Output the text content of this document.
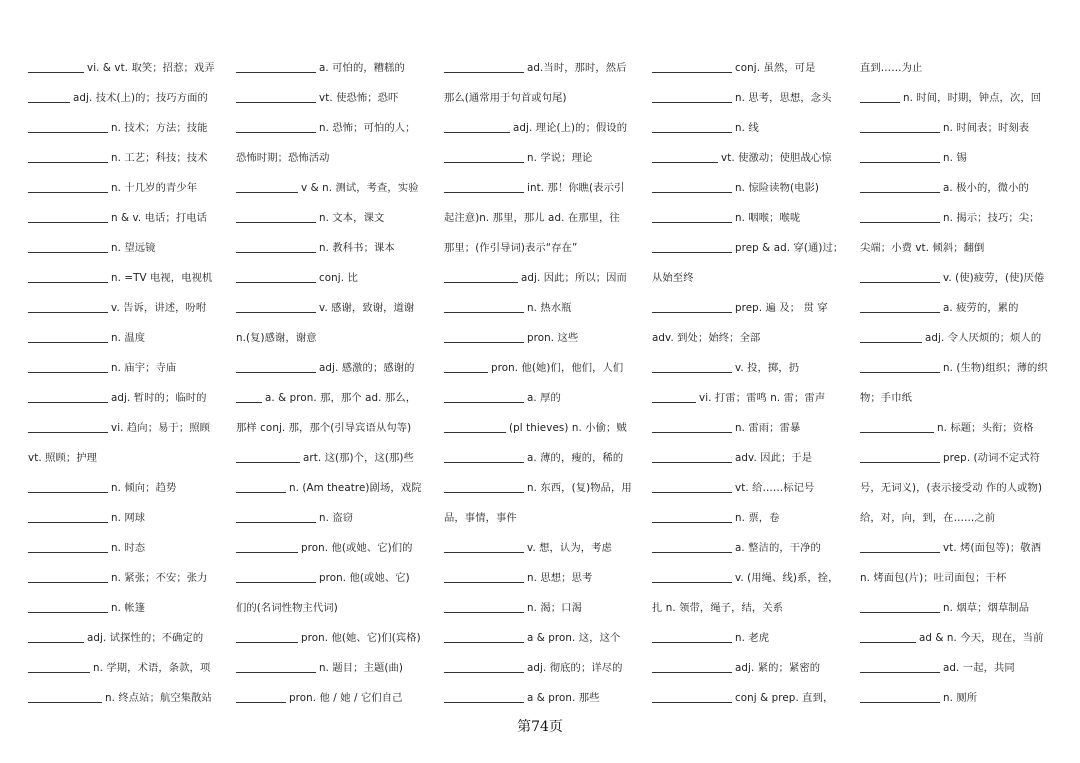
vi. & vt. 取笑；招惹；戏弄
adj. 技术(上)的；技巧方面的
n. 技术；方法；技能
n. 工艺；科技；技术
n. 十几岁的青少年
n & v. 电话；打电话
n. 望远镜
n. =TV 电视，电视机
v. 告诉，讲述，吩咐
n. 温度
n. 庙宇；寺庙
adj. 暂时的；临时的
vi. 趋向；易于；照顾
vt. 照顾；护理
n. 倾向；趋势
n. 网球
n. 时态
n. 紧张；不安；张力
n. 帐篷
adj. 试探性的；不确定的
n. 学期，术语，条款，项
n. 终点站；航空集散站
a. 可怕的，糟糕的
vt. 使恐怖；恐吓
n. 恐怖；可怕的人；
恐怖时期；恐怖活动
v & n. 测试，考查，实验
n. 文本，课文
n. 教科书；课本
conj. 比
v. 感谢，致谢，道谢
n.(复)感谢，谢意
adj. 感激的；感谢的
a. & pron. 那，那个 ad. 那么，
那样 conj. 那，那个(引导宾语从句等)
art. 这(那)个，这(那)些
n. (Am theatre)剧场，戏院
n. 盗窃
pron. 他(或她、它)们的
pron. 他(或她、它)
们的(名词性物主代词)
pron. 他(她、它)们(宾格)
n. 题目；主题(曲)
pron. 他 / 她 / 它们自己
ad.当时，那时，然后
那么(通常用于句首或句尾)
adj. 理论(上)的；假设的
n. 学说；理论
int. 那！你瞧(表示引
起注意)n. 那里，那儿 ad. 在那里，往
那里；(作引导词)表示“存在”
adj. 因此；所以；因而
n. 热水瓶
pron. 这些
pron. 他(她)们，他们，人们
a. 厚的
(pl thieves) n. 小偷；贼
a. 薄的，瘦的，稀的
n. 东西，(复)物品，用
品，事情，事件
v. 想，认为，考虑
n. 思想；思考
n. 渴；口渴
a & pron. 这，这个
adj. 彻底的；详尽的
a & pron. 那些
conj. 虽然，可是
n. 思考，思想，念头
n. 线
vt. 使激动；使胆战心惊
n. 惊险读物(电影)
n. 咽喉；喉咙
prep & ad. 穿(通)过；
从始至终
prep. 遍 及； 贯 穿
adv. 到处；始终；全部
v. 投，掷，扔
vi. 打雷；雷鸣 n. 雷；雷声
n. 雷雨；雷暴
adv. 因此；于是
vt. 给……标记号
n. 票，卷
a. 整洁的，干净的
v. (用绳、线)系，拴，
扎 n. 领带，绳子，结，关系
n. 老虎
adj. 紧的；紧密的
conj & prep. 直到，
直到……为止
n. 时间，时期，钟点，次，回
n. 时间表；时刻表
n. 锡
a. 极小的，微小的
n. 揭示；技巧；尖；
尖端；小费 vt. 倾斜；翻倒
v. (使)疲劳，(使)厌倦
a. 疲劳的，累的
adj. 令人厌烦的；烦人的
n. (生物)组织；薄的织
物；手巾纸
n. 标题；头衔；资格
prep. (动词不定式符
号，无词义)，(表示接受动 作的人或物)
给，对，向，到，在……之前
vt. 烤(面包等)；敬酒
n. 烤面包(片)；吐司面包；干杯
n. 烟草；烟草制品
ad & n. 今天，现在，当前
ad. 一起，共同
n. 厕所
第74页
